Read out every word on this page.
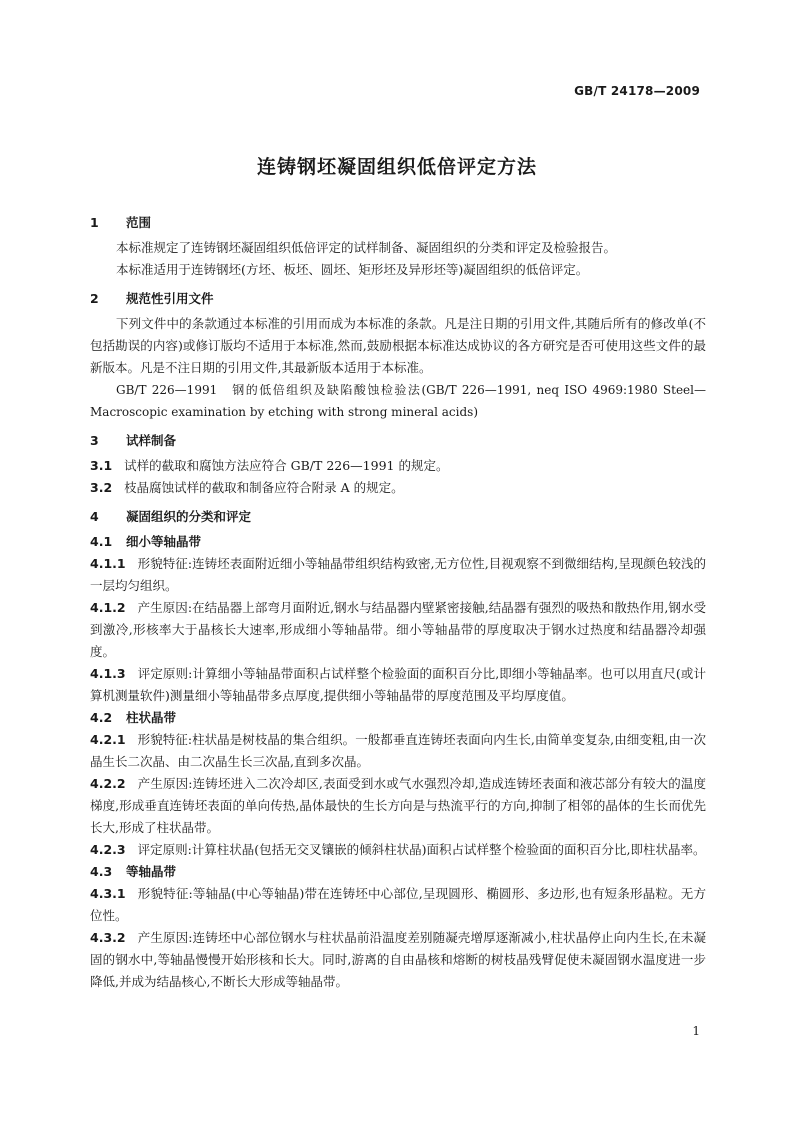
GB/T 24178—2009
连铸钢坯凝固组织低倍评定方法
1 范围
本标准规定了连铸钢坯凝固组织低倍评定的试样制备、凝固组织的分类和评定及检验报告。
本标准适用于连铸钢坯(方坯、板坯、圆坯、矩形坯及异形坯等)凝固组织的低倍评定。
2 规范性引用文件
下列文件中的条款通过本标准的引用而成为本标准的条款。凡是注日期的引用文件,其随后所有的修改单(不包括勘误的内容)或修订版均不适用于本标准,然而,鼓励根据本标准达成协议的各方研究是否可使用这些文件的最新版本。凡是不注日期的引用文件,其最新版本适用于本标准。
GB/T 226—1991　钢的低倍组织及缺陷酸蚀检验法(GB/T 226—1991, neq ISO 4969:1980 Steel—Macroscopic examination by etching with strong mineral acids)
3 试样制备
3.1 试样的截取和腐蚀方法应符合 GB/T 226—1991 的规定。
3.2 枝晶腐蚀试样的截取和制备应符合附录 A 的规定。
4 凝固组织的分类和评定
4.1 细小等轴晶带
4.1.1 形貌特征:连铸坯表面附近细小等轴晶带组织结构致密,无方位性,目视观察不到微细结构,呈现颜色较浅的一层均匀组织。
4.1.2 产生原因:在结晶器上部弯月面附近,钢水与结晶器内壁紧密接触,结晶器有强烈的吸热和散热作用,钢水受到激冷,形核率大于晶核长大速率,形成细小等轴晶带。细小等轴晶带的厚度取决于钢水过热度和结晶器冷却强度。
4.1.3 评定原则:计算细小等轴晶带面积占试样整个检验面的面积百分比,即细小等轴晶率。也可以用直尺(或计算机测量软件)测量细小等轴晶带多点厚度,提供细小等轴晶带的厚度范围及平均厚度值。
4.2 柱状晶带
4.2.1 形貌特征:柱状晶是树枝晶的集合组织。一般都垂直连铸坯表面向内生长,由简单变复杂,由细变粗,由一次晶生长二次晶、由二次晶生长三次晶,直到多次晶。
4.2.2 产生原因:连铸坯进入二次冷却区,表面受到水或气水强烈冷却,造成连铸坯表面和液芯部分有较大的温度梯度,形成垂直连铸坯表面的单向传热,晶体最快的生长方向是与热流平行的方向,抑制了相邻的晶体的生长而优先长大,形成了柱状晶带。
4.2.3 评定原则:计算柱状晶(包括无交叉镶嵌的倾斜柱状晶)面积占试样整个检验面的面积百分比,即柱状晶率。
4.3 等轴晶带
4.3.1 形貌特征:等轴晶(中心等轴晶)带在连铸坯中心部位,呈现圆形、椭圆形、多边形,也有短条形晶粒。无方位性。
4.3.2 产生原因:连铸坯中心部位钢水与柱状晶前沿温度差别随凝壳增厚逐渐减小,柱状晶停止向内生长,在未凝固的钢水中,等轴晶慢慢开始形核和长大。同时,游离的自由晶核和熔断的树枝晶残臂促使未凝固钢水温度进一步降低,并成为结晶核心,不断长大形成等轴晶带。
1
